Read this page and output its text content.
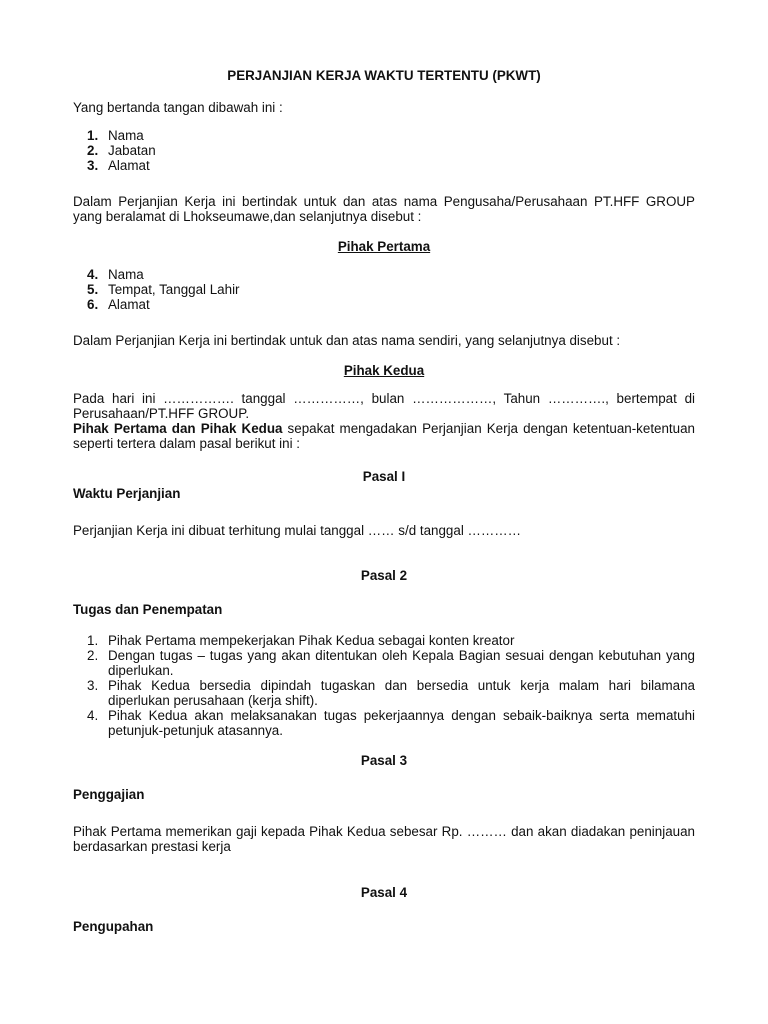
PERJANJIAN KERJA WAKTU TERTENTU (PKWT)

Yang bertanda tangan dibawah ini :

1. Nama
2. Jabatan
3. Alamat

Dalam Perjanjian Kerja ini bertindak untuk dan atas nama Pengusaha/Perusahaan PT.HFF GROUP yang beralamat di Lhokseumawe,dan selanjutnya disebut :

Pihak Pertama

4. Nama
5. Tempat, Tanggal Lahir
6. Alamat

Dalam Perjanjian Kerja ini bertindak untuk dan atas nama sendiri, yang selanjutnya disebut :

Pihak Kedua

Pada hari ini ……………. tanggal ……………, bulan ………………, Tahun …………., bertempat di Perusahaan/PT.HFF GROUP.

Pihak Pertama dan Pihak Kedua sepakat mengadakan Perjanjian Kerja dengan ketentuan-ketentuan seperti tertera dalam pasal berikut ini :

Pasal I

Waktu Perjanjian

Perjanjian Kerja ini dibuat terhitung mulai tanggal …… s/d tanggal …………

Pasal 2

Tugas dan Penempatan

1. Pihak Pertama mempekerjakan Pihak Kedua sebagai konten kreator
2. Dengan tugas – tugas yang akan ditentukan oleh Kepala Bagian sesuai dengan kebutuhan yang diperlukan.
3. Pihak Kedua bersedia dipindah tugaskan dan bersedia untuk kerja malam hari bilamana diperlukan perusahaan (kerja shift).
4. Pihak Kedua akan melaksanakan tugas pekerjaannya dengan sebaik-baiknya serta mematuhi petunjuk-petunjuk atasannya.

Pasal 3

Penggajian

Pihak Pertama memerikan gaji kepada Pihak Kedua sebesar Rp. ……… dan akan diadakan peninjauan berdasarkan prestasi kerja

Pasal 4

Pengupahan
